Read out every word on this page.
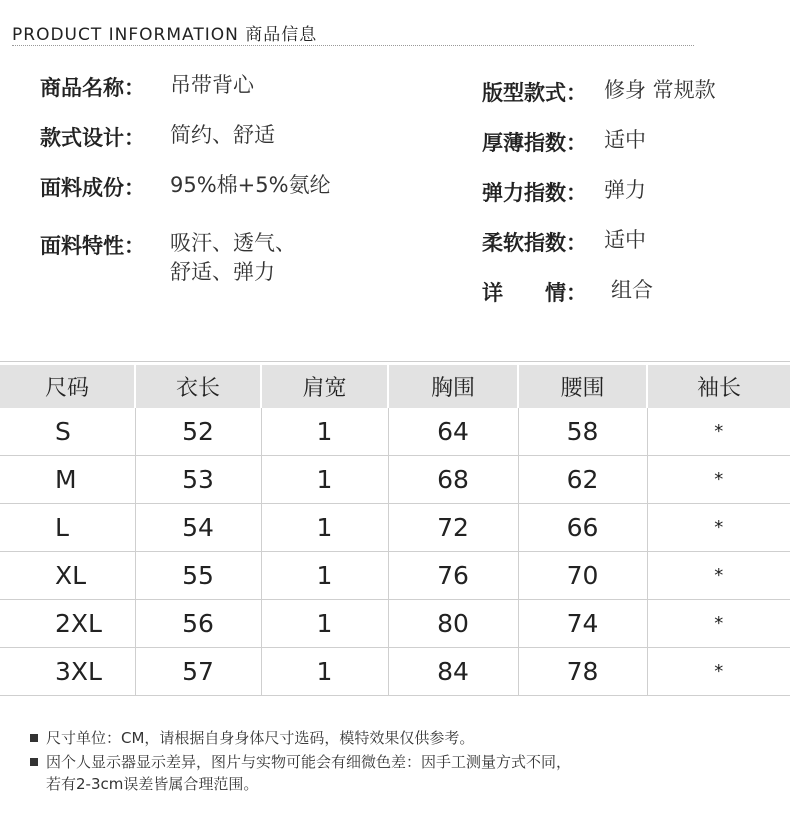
PRODUCT INFORMATION 商品信息
商品名称： 吊带背心
款式设计： 简约、舒适
面料成份： 95%棉+5%氨纶
面料特性： 吸汗、透气、
舒适、弹力
版型款式： 修身 常规款
厚薄指数： 适中
弹力指数： 弹力
柔软指数： 适中
详　　情： 组合
尺码	衣长	肩宽	胸围	腰围	袖长
S	52	1	64	58	*
M	53	1	68	62	*
L	54	1	72	66	*
XL	55	1	76	70	*
2XL	56	1	80	74	*
3XL	57	1	84	78	*
尺寸单位：CM，请根据自身身体尺寸选码，模特效果仅供参考。
因个人显示器显示差异，图片与实物可能会有细微色差：因手工测量方式不同，
若有2-3cm误差皆属合理范围。
